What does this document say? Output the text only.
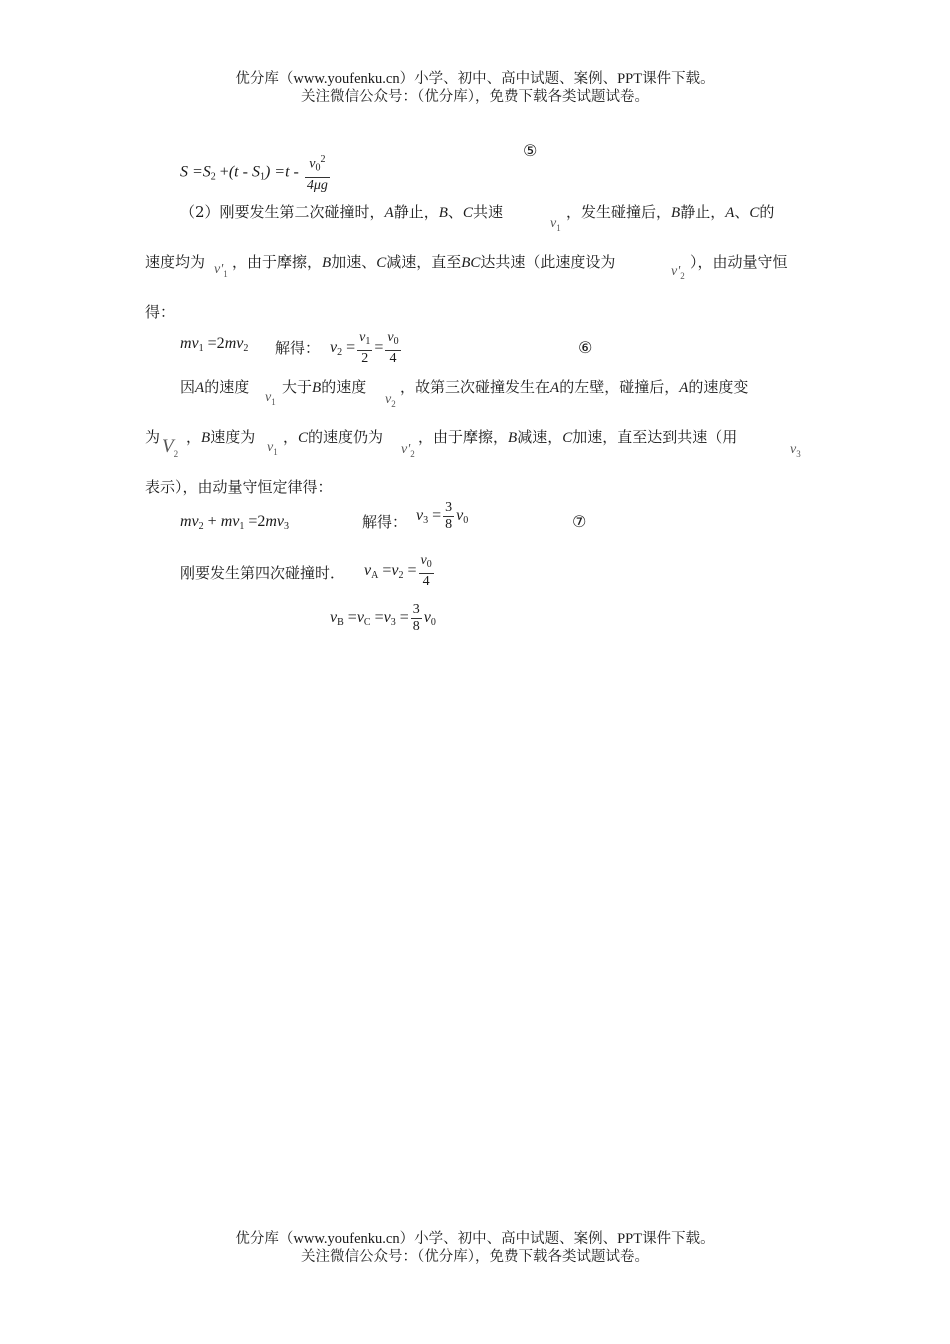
优分库（www.youfenku.cn）小学、初中、高中试题、案例、PPT课件下载。
关注微信公众号：（优分库），免费下载各类试题试卷。
$S =S_2 +(t - S_1) =t - \frac{v_0^2}{4\mu g}$
⑤
（2）刚要发生第二次碰撞时，A静止，B、C共速
$v_1$
，发生碰撞后，B静止，A、C的
速度均为 $v'_1$
，由于摩擦，B加速、C减速，直至BC达共速（此速度设为
$v'_2$
），由动量守恒
得：
$mv_1 =2mv_2$ 解得： $v_2 = \frac{v_1}{2} = \frac{v_0}{4}$	⑥
因A的速度
$v_1$
大于B的速度
$v_2$
，故第三次碰撞发生在A的左壁，碰撞后，A的速度变
为 $V_2$
，B速度为
$v_1$
，C的速度仍为
$v'_2$
，由于摩擦，B减速，C加速，直至达到共速（用
$v_3$
表示），由动量守恒定律得：
$mv_2 + mv_1 =2mv_3$	解得： $v_3 = \frac{3}{8} v_0$	⑦
刚要发生第四次碰撞时． $v_A =v_2 = \frac{v_0}{4}$
$v_B =v_C =v_3 = \frac{3}{8} v_0$
优分库（www.youfenku.cn）小学、初中、高中试题、案例、PPT课件下载。
关注微信公众号：（优分库），免费下载各类试题试卷。
